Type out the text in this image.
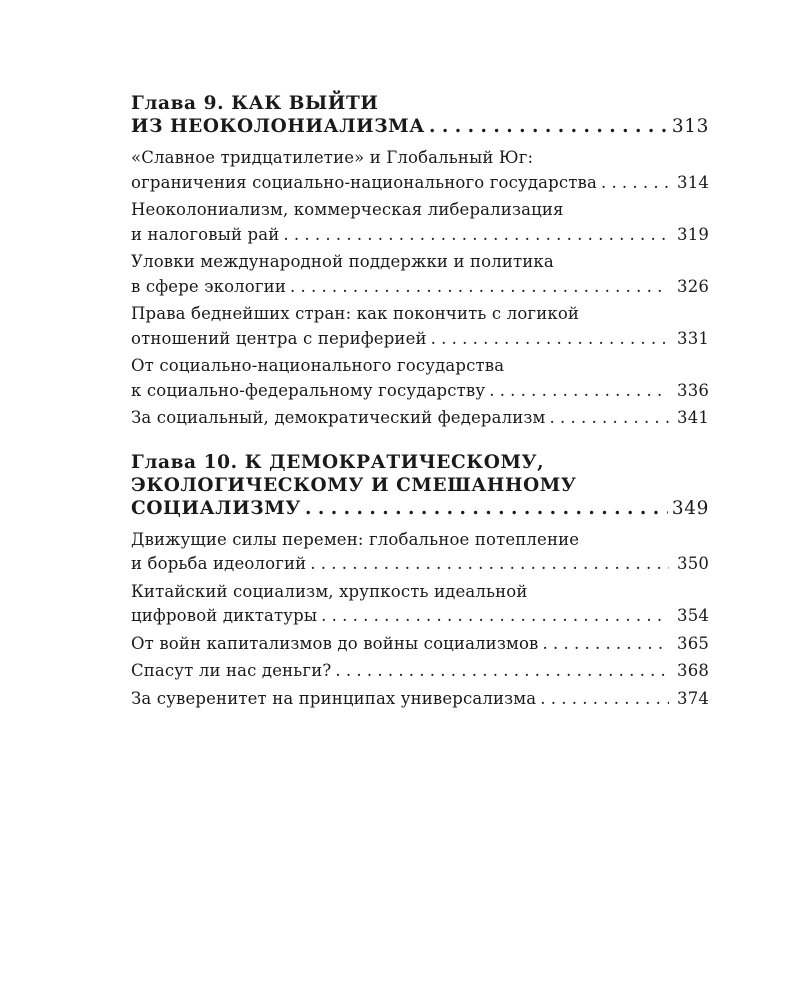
Глава 9. КАК ВЫЙТИ
ИЗ НЕОКОЛОНИАЛИЗМА . . .	313
«Славное тридцатилетие» и Глобальный Юг:
ограничения социально-национального государства . . .	314
Неоколониализм, коммерческая либерализация
и налоговый рай . . .	319
Уловки международной поддержки и политика
в сфере экологии . . .	326
Права беднейших стран: как покончить с логикой
отношений центра с периферией . . .	331
От социально-национального государства
к социально-федеральному государству . . .	336
За социальный, демократический федерализм . . .	341
Глава 10. К ДЕМОКРАТИЧЕСКОМУ,
ЭКОЛОГИЧЕСКОМУ И СМЕШАННОМУ
СОЦИАЛИЗМУ . . .	349
Движущие силы перемен: глобальное потепление
и борьба идеологий . . .	350
Китайский социализм, хрупкость идеальной
цифровой диктатуры . . .	354
От войн капитализмов до войны социализмов . . .	365
Спасут ли нас деньги? . . .	368
За суверенитет на принципах универсализма . . .	374
